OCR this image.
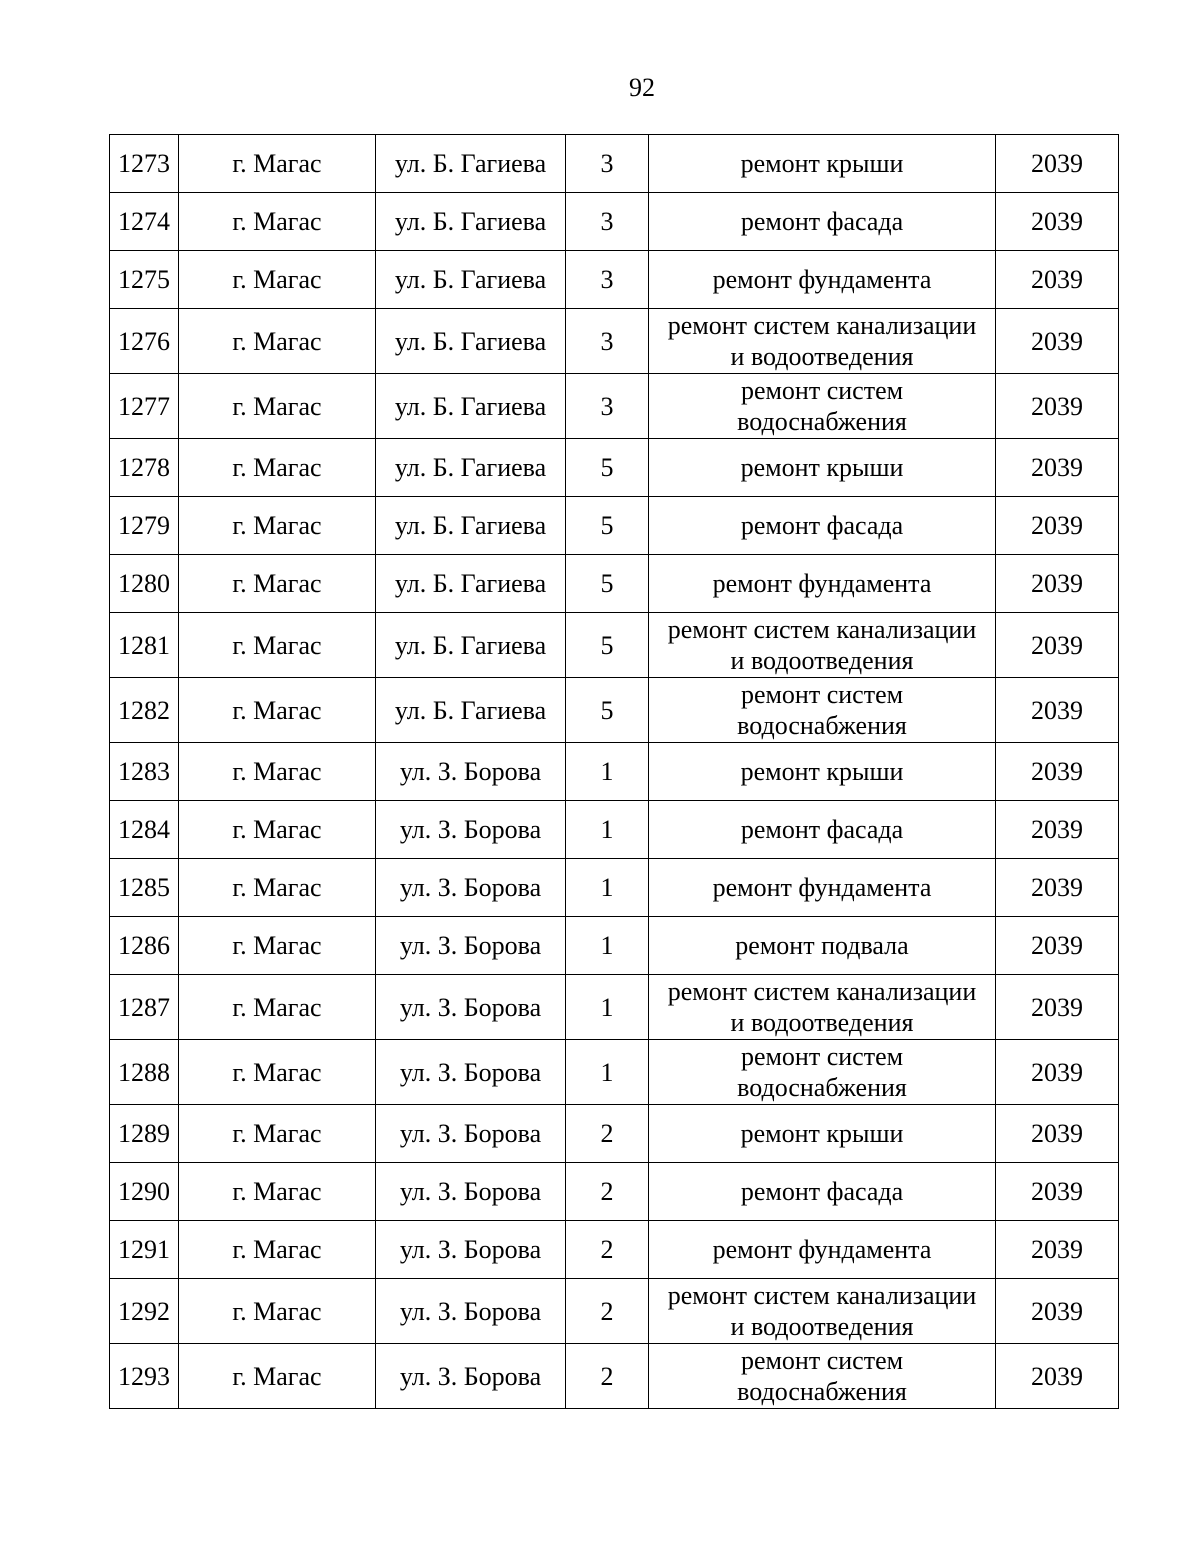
92
1273	г. Магас	ул. Б. Гагиева	3	ремонт крыши	2039
1274	г. Магас	ул. Б. Гагиева	3	ремонт фасада	2039
1275	г. Магас	ул. Б. Гагиева	3	ремонт фундамента	2039
1276	г. Магас	ул. Б. Гагиева	3	ремонт систем канализации
и водоотведения	2039
1277	г. Магас	ул. Б. Гагиева	3	ремонт систем
водоснабжения	2039
1278	г. Магас	ул. Б. Гагиева	5	ремонт крыши	2039
1279	г. Магас	ул. Б. Гагиева	5	ремонт фасада	2039
1280	г. Магас	ул. Б. Гагиева	5	ремонт фундамента	2039
1281	г. Магас	ул. Б. Гагиева	5	ремонт систем канализации
и водоотведения	2039
1282	г. Магас	ул. Б. Гагиева	5	ремонт систем
водоснабжения	2039
1283	г. Магас	ул. З. Борова	1	ремонт крыши	2039
1284	г. Магас	ул. З. Борова	1	ремонт фасада	2039
1285	г. Магас	ул. З. Борова	1	ремонт фундамента	2039
1286	г. Магас	ул. З. Борова	1	ремонт подвала	2039
1287	г. Магас	ул. З. Борова	1	ремонт систем канализации
и водоотведения	2039
1288	г. Магас	ул. З. Борова	1	ремонт систем
водоснабжения	2039
1289	г. Магас	ул. З. Борова	2	ремонт крыши	2039
1290	г. Магас	ул. З. Борова	2	ремонт фасада	2039
1291	г. Магас	ул. З. Борова	2	ремонт фундамента	2039
1292	г. Магас	ул. З. Борова	2	ремонт систем канализации
и водоотведения	2039
1293	г. Магас	ул. З. Борова	2	ремонт систем
водоснабжения	2039
